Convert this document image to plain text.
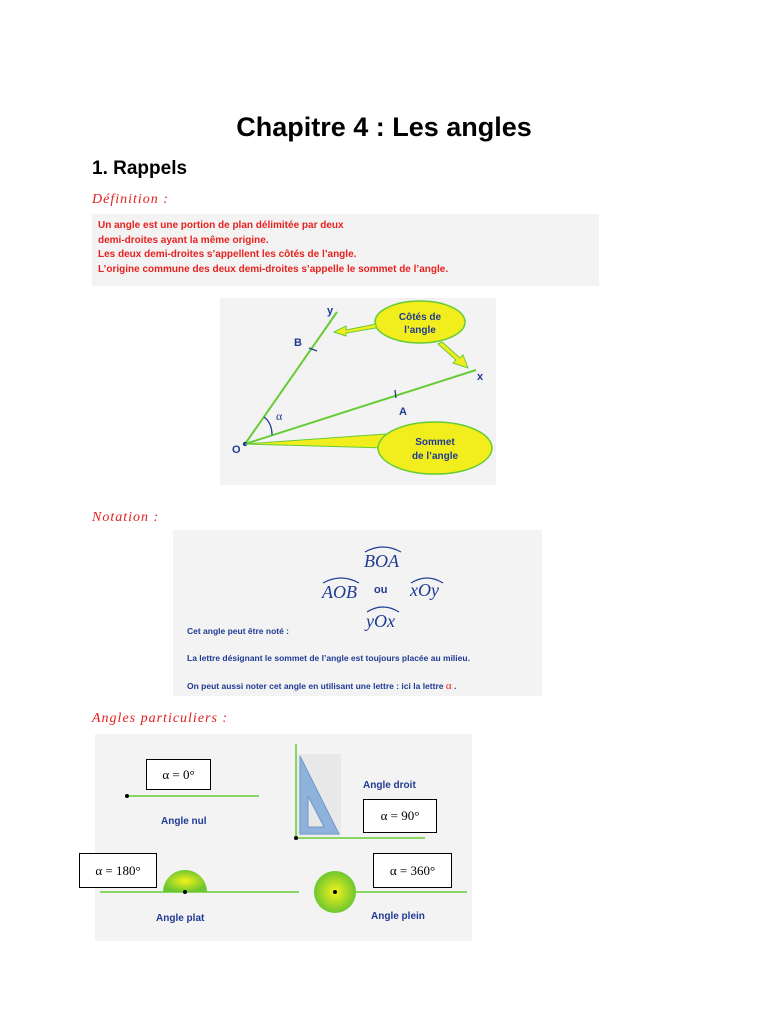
Chapitre 4 : Les angles
1. Rappels
Définition :
Un angle est une portion de plan délimitée par deux
demi-droites ayant la même origine.
Les deux demi-droites s’appellent les côtés de l’angle.
L’origine commune des deux demi-droites s’appelle le sommet de l’angle.
y
x
B
A
O
α
Côtés de
l’angle
Sommet
de l’angle
Notation :
BOA
AOB ou xOy
yOx
Cet angle peut être noté :
La lettre désignant le sommet de l’angle est toujours placée au milieu.
On peut aussi noter cet angle en utilisant une lettre : ici la lettre α .
Angles particuliers :
α = 0°
Angle nul
Angle droit
α = 90°
α = 180°
Angle plat
α = 360°
Angle plein
